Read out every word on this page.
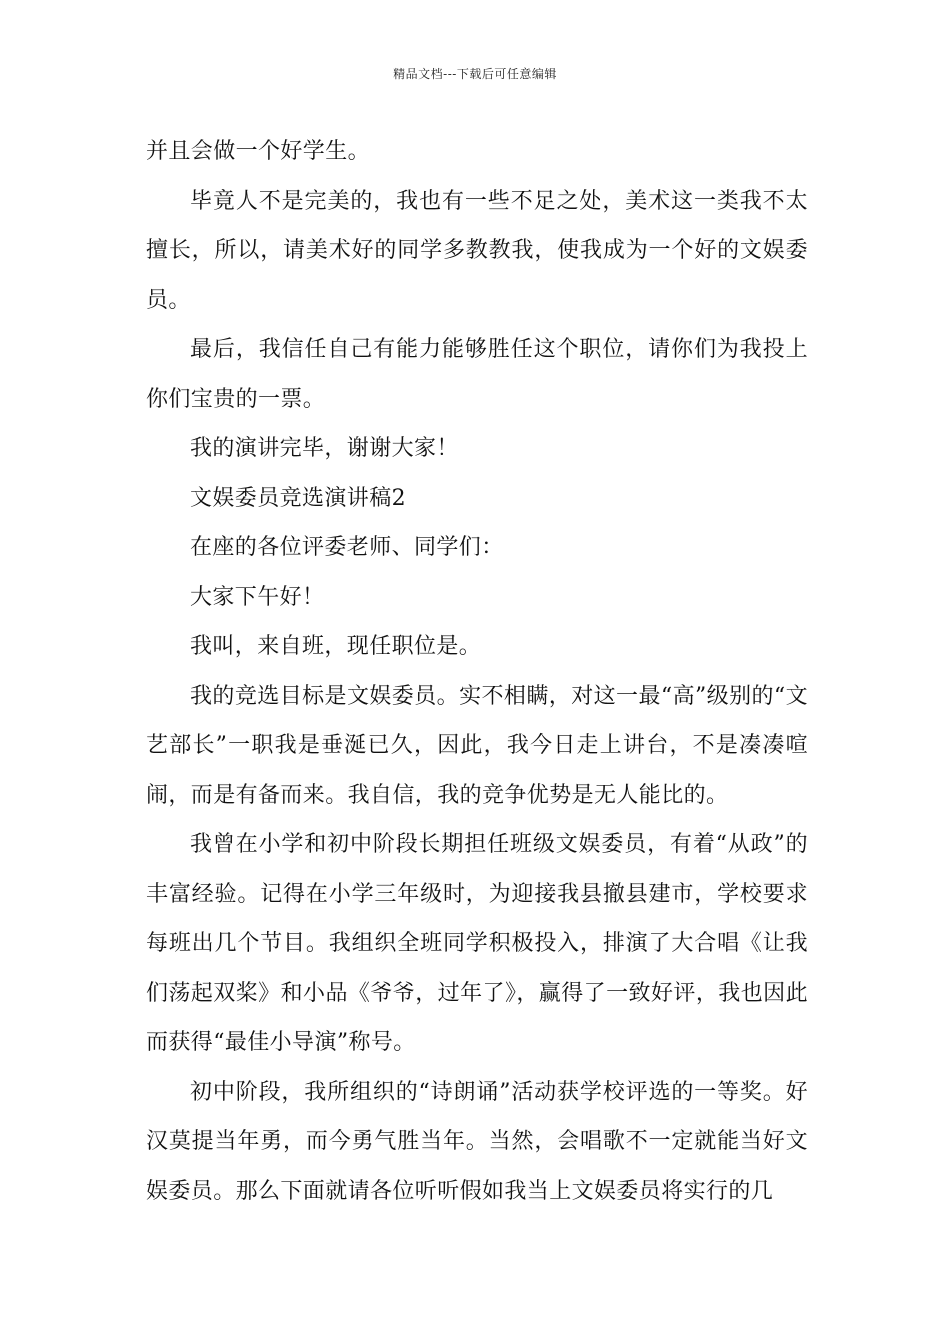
精品文档---下载后可任意编辑

并且会做一个好学生。

毕竟人不是完美的，我也有一些不足之处，美术这一类我不太擅长，所以，请美术好的同学多教教我，使我成为一个好的文娱委员。

最后，我信任自己有能力能够胜任这个职位，请你们为我投上你们宝贵的一票。

我的演讲完毕，谢谢大家！

文娱委员竞选演讲稿2

在座的各位评委老师、同学们：

大家下午好！

我叫，来自班，现任职位是。

我的竞选目标是文娱委员。实不相瞒，对这一最“高”级别的“文艺部长”一职我是垂涎已久，因此，我今日走上讲台，不是凑凑喧闹，而是有备而来。我自信，我的竞争优势是无人能比的。

我曾在小学和初中阶段长期担任班级文娱委员，有着“从政”的丰富经验。记得在小学三年级时，为迎接我县撤县建市，学校要求每班出几个节目。我组织全班同学积极投入，排演了大合唱《让我们荡起双桨》和小品《爷爷，过年了》，赢得了一致好评，我也因此而获得“最佳小导演”称号。

初中阶段，我所组织的“诗朗诵”活动获学校评选的一等奖。好汉莫提当年勇，而今勇气胜当年。当然，会唱歌不一定就能当好文娱委员。那么下面就请各位听听假如我当上文娱委员将实行的几
